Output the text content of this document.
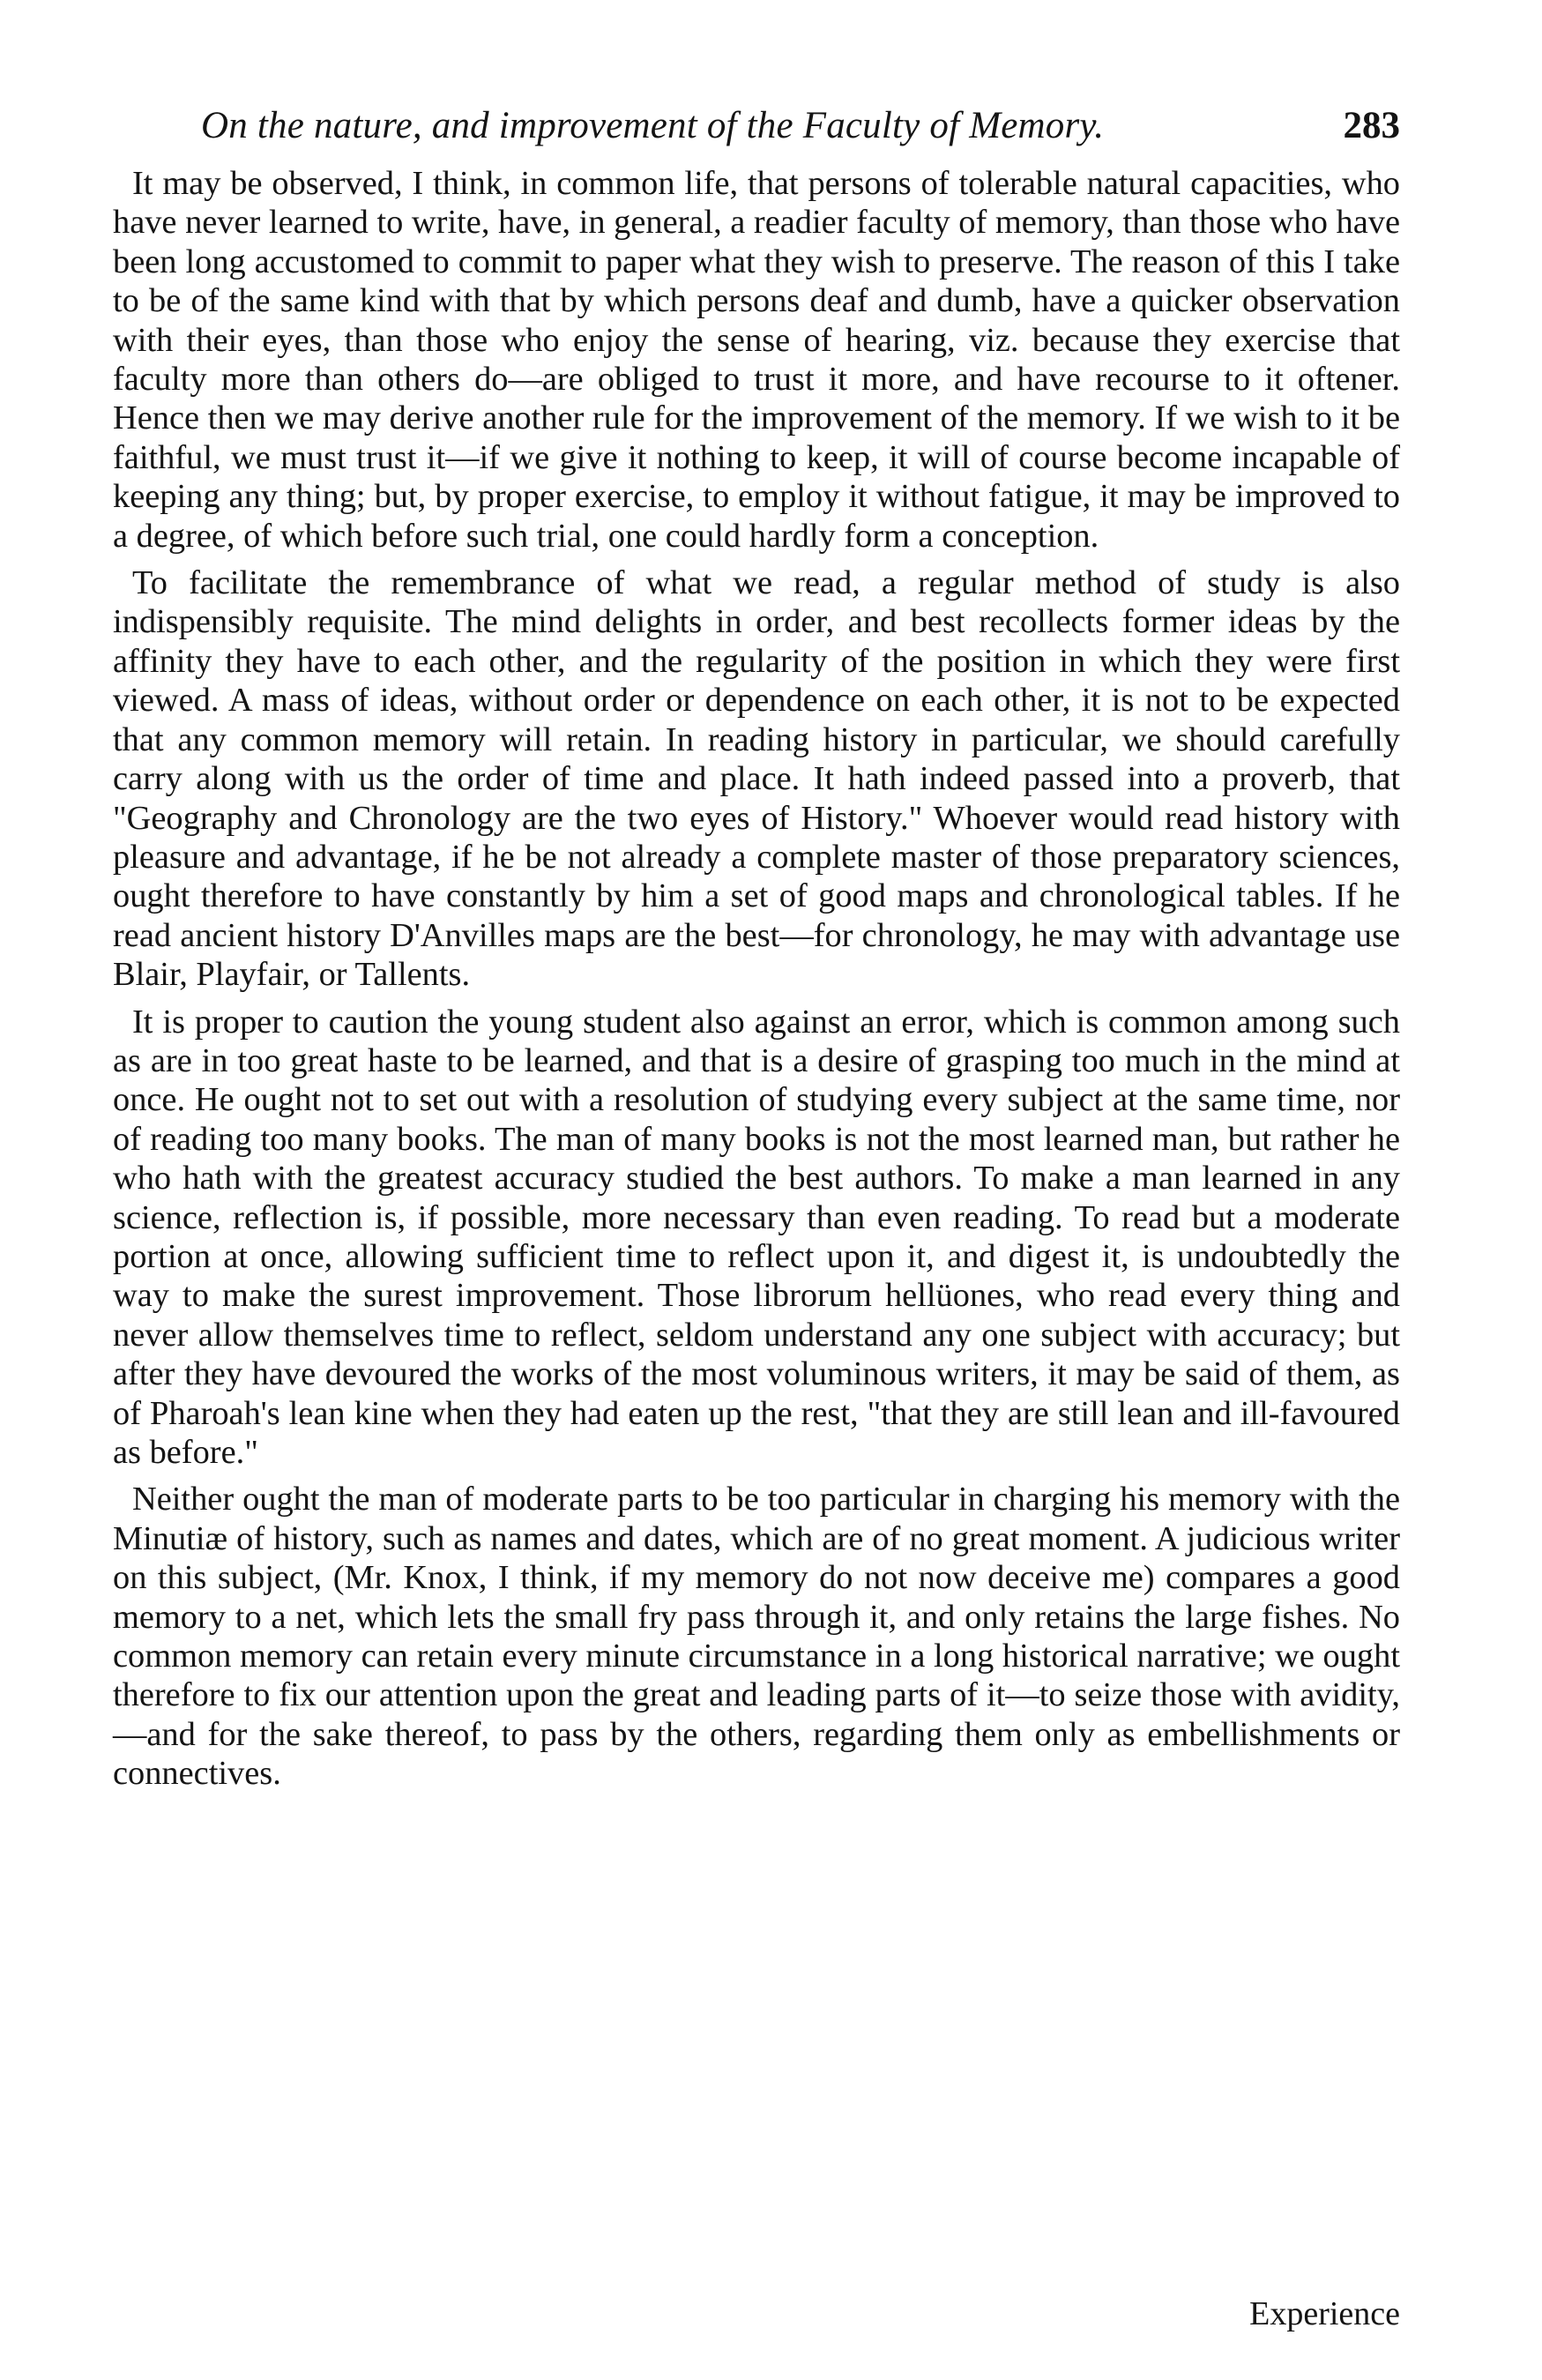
On the nature, and improvement of the Faculty of Memory.	283

It may be observed, I think, in common life, that persons of tolerable natural capacities, who have never learned to write, have, in general, a readier faculty of memory, than those who have been long accustomed to commit to paper what they wish to preserve. The reason of this I take to be of the same kind with that by which persons deaf and dumb, have a quicker observation with their eyes, than those who enjoy the sense of hearing, viz. because they exercise that faculty more than others do—are obliged to trust it more, and have recourse to it oftener. Hence then we may derive another rule for the improvement of the memory. If we wish to it be faithful, we must trust it—if we give it nothing to keep, it will of course become incapable of keeping any thing; but, by proper exercise, to employ it without fatigue, it may be improved to a degree, of which before such trial, one could hardly form a conception.

To facilitate the remembrance of what we read, a regular method of study is also indispensibly requisite. The mind delights in order, and best recollects former ideas by the affinity they have to each other, and the regularity of the position in which they were first viewed. A mass of ideas, without order or dependence on each other, it is not to be expected that any common memory will retain. In reading history in particular, we should carefully carry along with us the order of time and place. It hath indeed passed into a proverb, that "Geography and Chronology are the two eyes of History." Whoever would read history with pleasure and advantage, if he be not already a complete master of those preparatory sciences, ought therefore to have constantly by him a set of good maps and chronological tables. If he read ancient history D'Anvilles maps are the best—for chronology, he may with advantage use Blair, Playfair, or Tallents.

It is proper to caution the young student also against an error, which is common among such as are in too great haste to be learned, and that is a desire of grasping too much in the mind at once. He ought not to set out with a resolution of studying every subject at the same time, nor of reading too many books. The man of many books is not the most learned man, but rather he who hath with the greatest accuracy studied the best authors. To make a man learned in any science, reflection is, if possible, more necessary than even reading. To read but a moderate portion at once, allowing sufficient time to reflect upon it, and digest it, is undoubtedly the way to make the surest improvement. Those librorum hellüones, who read every thing and never allow themselves time to reflect, seldom understand any one subject with accuracy; but after they have devoured the works of the most voluminous writers, it may be said of them, as of Pharoah's lean kine when they had eaten up the rest, "that they are still lean and ill-favoured as before."

Neither ought the man of moderate parts to be too particular in charging his memory with the Minutiæ of history, such as names and dates, which are of no great moment. A judicious writer on this subject, (Mr. Knox, I think, if my memory do not now deceive me) compares a good memory to a net, which lets the small fry pass through it, and only retains the large fishes. No common memory can retain every minute circumstance in a long historical narrative; we ought therefore to fix our attention upon the great and leading parts of it—to seize those with avidity,—and for the sake thereof, to pass by the others, regarding them only as embellishments or connectives.

Experience
